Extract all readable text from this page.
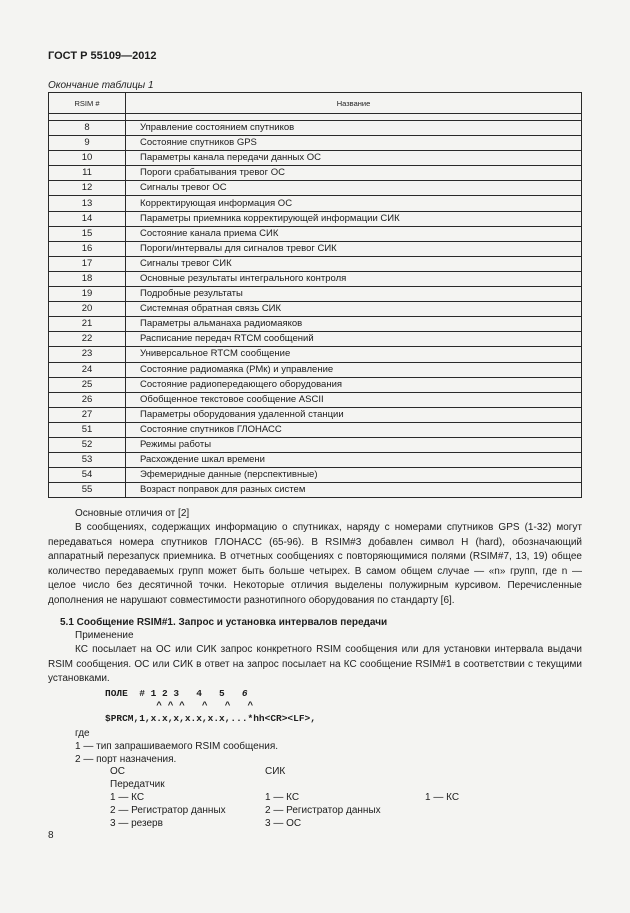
ГОСТ Р 55109—2012
Окончание таблицы 1
RSIM #	Название

8	Управление состоянием спутников
9	Состояние спутников GPS
10	Параметры канала передачи данных ОС
11	Пороги срабатывания тревог ОС
12	Сигналы тревог ОС
13	Корректирующая информация ОС
14	Параметры приемника корректирующей информации СИК
15	Состояние канала приема СИК
16	Пороги/интервалы для сигналов тревог СИК
17	Сигналы тревог СИК
18	Основные результаты интегрального контроля
19	Подробные результаты
20	Системная обратная связь СИК
21	Параметры альманаха радиомаяков
22	Расписание передач RTCM сообщений
23	Универсальное RTCM сообщение
24	Состояние радиомаяка (РМк) и управление
25	Состояние радиопередающего оборудования
26	Обобщенное текстовое сообщение ASCII
27	Параметры оборудования удаленной станции
51	Состояние спутников ГЛОНАСС
52	Режимы работы
53	Расхождение шкал времени
54	Эфемеридные данные (перспективные)
55	Возраст поправок для разных систем

Основные отличия от [2]

В сообщениях, содержащих информацию о спутниках, наряду с номерами спутников GPS (1-32) могут передаваться номера спутников ГЛОНАСС (65-96). В RSIM#3 добавлен символ H (hard), обозначающий аппаратный перезапуск приемника. В отчетных сообщениях с повторяющимися полями (RSIM#7, 13, 19) общее количество передаваемых групп может быть больше четырех. В самом общем случае — «n» групп, где n — целое число без десятичной точки. Некоторые отличия выделены полужирным курсивом. Перечисленные дополнения не нарушают совместимости разнотипного оборудования по стандарту [6].

5.1 Сообщение RSIM#1. Запрос и установка интервалов передачи
Применение

КС посылает на ОС или СИК запрос конкретного RSIM сообщения или для установки интервала выдачи RSIM сообщения. ОС или СИК в ответ на запрос посылает на КС сообщение RSIM#1 в соответствии с текущими установками.

ПОЛЕ  # 1 2 3   4   5   6
^ ^ ^   ^   ^   ^
$PRCM,1,x.x,x,x.x,x.x,...*hh<CR><LF>,
где
1 — тип запрашиваемого RSIM сообщения.
2 — порт назначения.
ОС	СИК
Передатчик
1 — КС	1 — КС	1 — КС
2 — Регистратор данных	2 — Регистратор данных
3 — резерв	3 — ОС
8
